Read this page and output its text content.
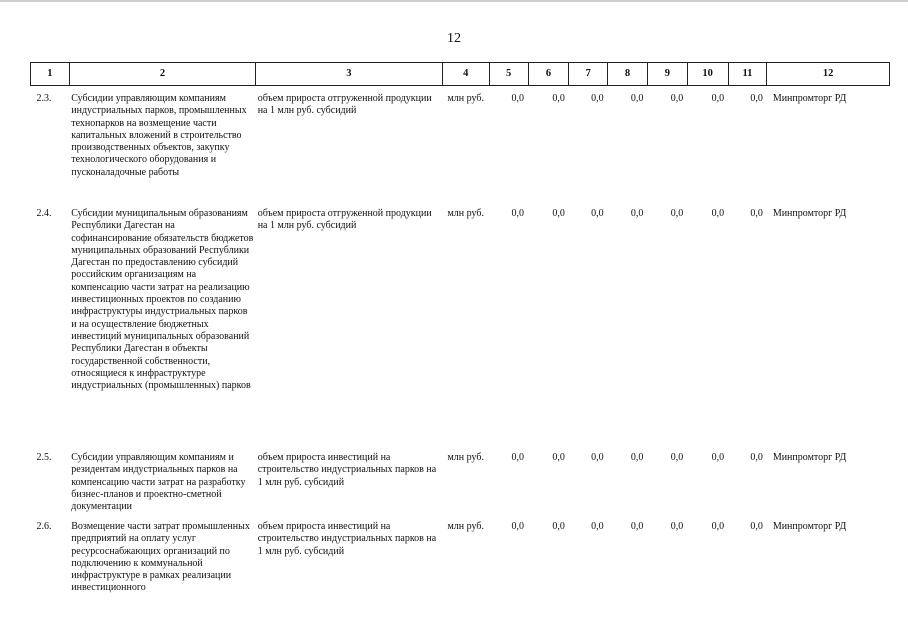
12
1	2	3	4	5	6	7	8	9	10	11	12
2.3.	Субсидии управляющим компаниям индустриальных парков, промышленных технопарков на возмещение части капитальных вложений в строительство производственных объектов, закупку технологического оборудования и пусконаладочные работы	объем прироста отгруженной продукции на 1 млн руб. субсидий	млн руб.	0,0	0,0	0,0	0,0	0,0	0,0	0,0	Минпромторг РД
2.4.	Субсидии муниципальным образованиям Республики Дагестан на софинансирование обязательств бюджетов муниципальных образований Республики Дагестан по предоставлению субсидий российским организациям на компенсацию части затрат на реализацию инвестиционных проектов по созданию инфраструктуры индустриальных парков и на осуществление бюджетных инвестиций муниципальных образований Республики Дагестан в объекты государственной собственности, относящиеся к инфраструктуре индустриальных (промышленных) парков	объем прироста отгруженной продукции на 1 млн руб. субсидий	млн руб.	0,0	0,0	0,0	0,0	0,0	0,0	0,0	Минпромторг РД
2.5.	Субсидии управляющим компаниям и резидентам индустриальных парков на компенсацию части затрат на разработку бизнес-планов и проектно-сметной документации	объем прироста инвестиций на строительство индустриальных парков на 1 млн руб. субсидий	млн руб.	0,0	0,0	0,0	0,0	0,0	0,0	0,0	Минпромторг РД
2.6.	Возмещение части затрат промышленных предприятий на оплату услуг ресурсоснабжающих организаций по подключению к коммунальной инфраструктуре в рамках реализации инвестиционного	объем прироста инвестиций на строительство индустриальных парков на 1 млн руб. субсидий	млн руб.	0,0	0,0	0,0	0,0	0,0	0,0	0,0	Минпромторг РД
